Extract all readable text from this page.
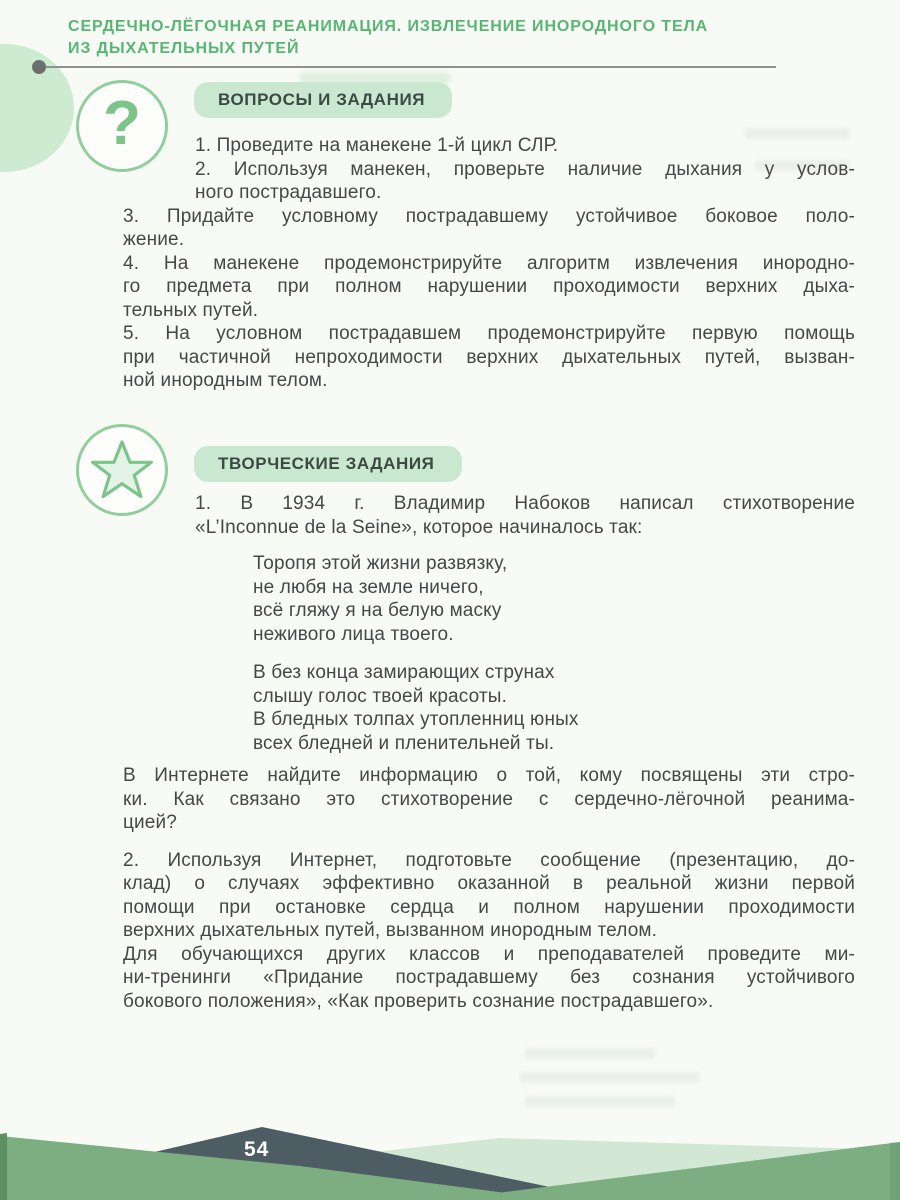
СЕРДЕЧНО-ЛЁГОЧНАЯ РЕАНИМАЦИЯ. ИЗВЛЕЧЕНИЕ ИНОРОДНОГО ТЕЛА
ИЗ ДЫХАТЕЛЬНЫХ ПУТЕЙ
?	ВОПРОСЫ И ЗАДАНИЯ
1. Проведите на манекене 1-й цикл СЛР.
2. Используя манекен, проверьте наличие дыхания у услов-
ного пострадавшего.
3. Придайте условному пострадавшему устойчивое боковое поло-
жение.
4. На манекене продемонстрируйте алгоритм извлечения инородно-
го предмета при полном нарушении проходимости верхних дыха-
тельных путей.
5. На условном пострадавшем продемонстрируйте первую помощь
при частичной непроходимости верхних дыхательных путей, вызван-
ной инородным телом.
ТВОРЧЕСКИЕ ЗАДАНИЯ
1. В 1934 г. Владимир Набоков написал стихотворение
«L’Inconnue de la Seine», которое начиналось так:
Торопя этой жизни развязку,
не любя на земле ничего,
всё гляжу я на белую маску
неживого лица твоего.
В без конца замирающих струнах
слышу голос твоей красоты.
В бледных толпах утопленниц юных
всех бледней и пленительней ты.
В Интернете найдите информацию о той, кому посвящены эти стро-
ки. Как связано это стихотворение с сердечно-лёгочной реанима-
цией?
2. Используя Интернет, подготовьте сообщение (презентацию, до-
клад) о случаях эффективно оказанной в реальной жизни первой
помощи при остановке сердца и полном нарушении проходимости
верхних дыхательных путей, вызванном инородным телом.
Для обучающихся других классов и преподавателей проведите ми-
ни-тренинги «Придание пострадавшему без сознания устойчивого
бокового положения», «Как проверить сознание пострадавшего».
54
